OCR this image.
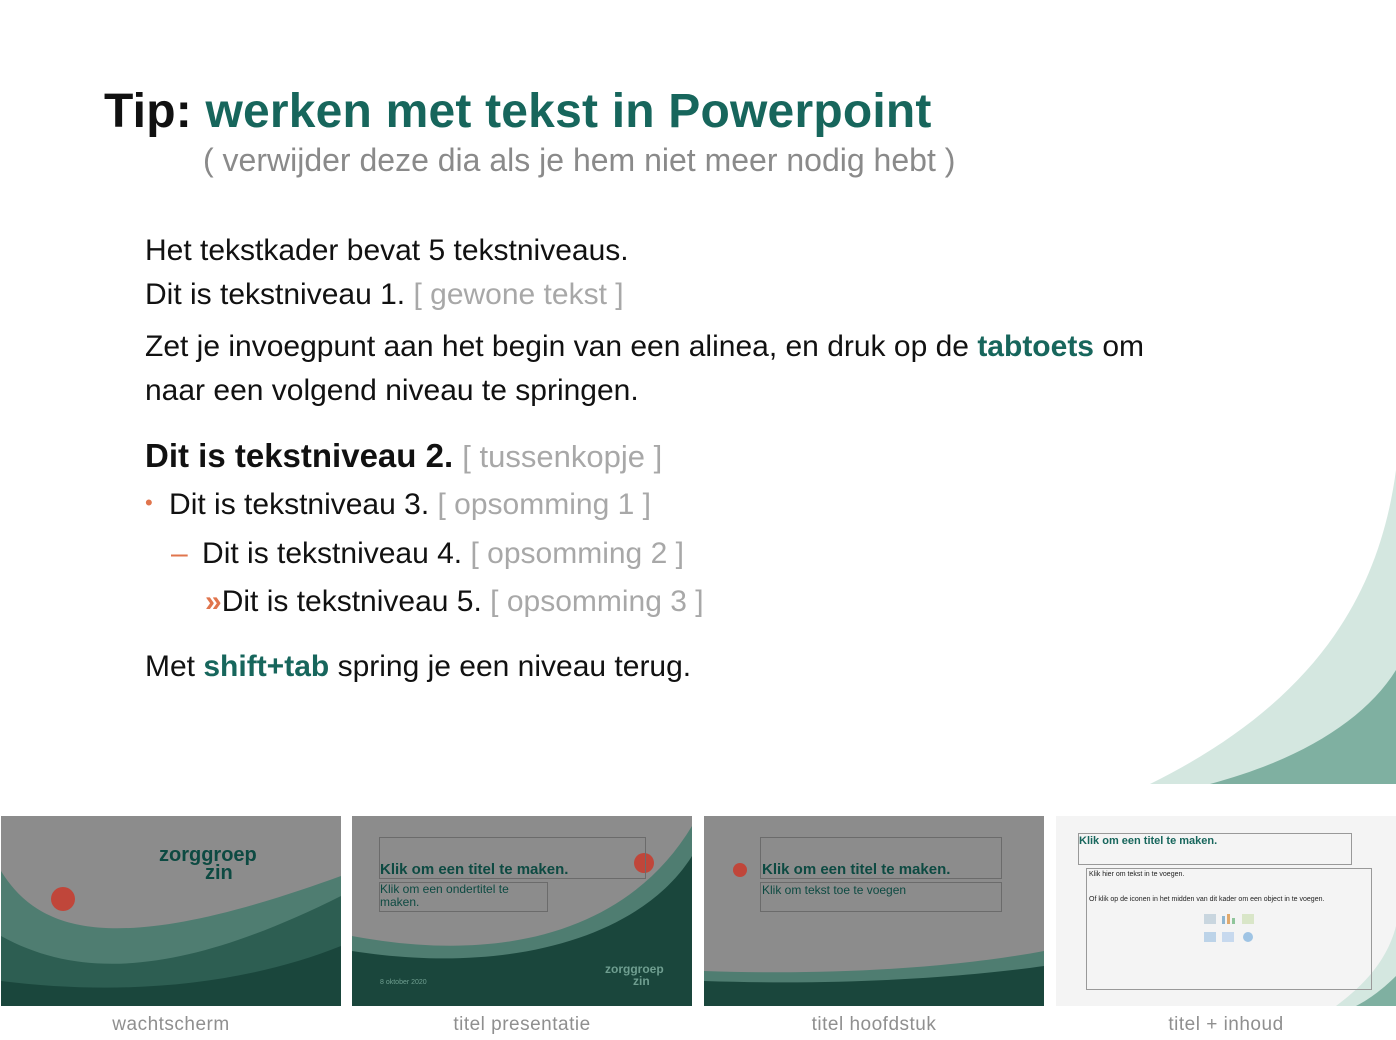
Tip: werken met tekst in Powerpoint
( verwijder deze dia als je hem niet meer nodig hebt )
Het tekstkader bevat 5 tekstniveaus.
Dit is tekstniveau 1. [ gewone tekst ]
Zet je invoegpunt aan het begin van een alinea, en druk op de tabtoets om
naar een volgend niveau te springen.
Dit is tekstniveau 2. [ tussenkopje ]
• Dit is tekstniveau 3. [ opsomming 1 ]
– Dit is tekstniveau 4. [ opsomming 2 ]
»Dit is tekstniveau 5. [ opsomming 3 ]
Met shift+tab spring je een niveau terug.
zorggroep
zin
wachtscherm
Klik om een titel te maken.
Klik om een ondertitel te maken.
8 oktober 2020
zorggroep
zin
titel presentatie
Klik om een titel te maken.
Klik om tekst toe te voegen
titel hoofdstuk
Klik om een titel te maken.
Klik hier om tekst in te voegen.
Of klik op de iconen in het midden van dit kader om een object in te voegen.
titel + inhoud
